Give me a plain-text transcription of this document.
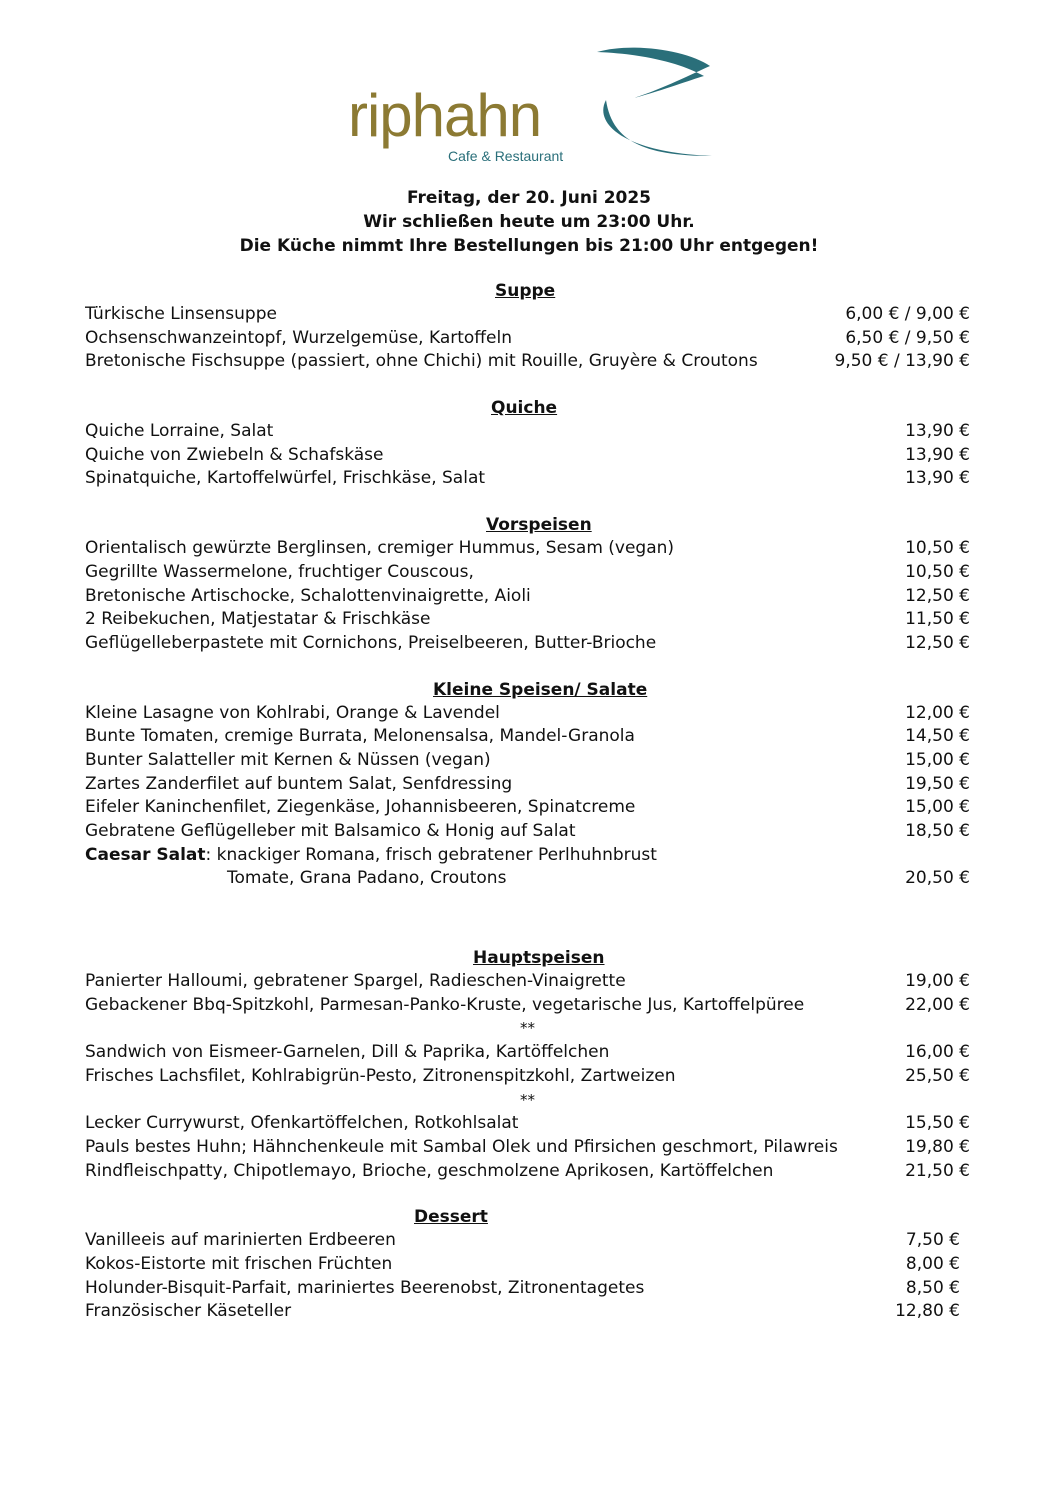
riphahn
Cafe & Restaurant
Freitag, der 20. Juni 2025
Wir schließen heute um 23:00 Uhr.
Die Küche nimmt Ihre Bestellungen bis 21:00 Uhr entgegen!
Suppe
Türkische Linsensuppe	6,00 € / 9,00 €
Ochsenschwanzeintopf, Wurzelgemüse, Kartoffeln	6,50 € / 9,50 €
Bretonische Fischsuppe (passiert, ohne Chichi) mit Rouille, Gruyère & Croutons	9,50 € / 13,90 €
Quiche
Quiche Lorraine, Salat	13,90 €
Quiche von Zwiebeln & Schafskäse	13,90 €
Spinatquiche, Kartoffelwürfel, Frischkäse, Salat	13,90 €
Vorspeisen
Orientalisch gewürzte Berglinsen, cremiger Hummus, Sesam (vegan)	10,50 €
Gegrillte Wassermelone, fruchtiger Couscous,	10,50 €
Bretonische Artischocke, Schalottenvinaigrette, Aioli	12,50 €
2 Reibekuchen, Matjestatar & Frischkäse	11,50 €
Geflügelleberpastete mit Cornichons, Preiselbeeren, Butter-Brioche	12,50 €
Kleine Speisen/ Salate
Kleine Lasagne von Kohlrabi, Orange & Lavendel	12,00 €
Bunte Tomaten, cremige Burrata, Melonensalsa, Mandel-Granola	14,50 €
Bunter Salatteller mit Kernen & Nüssen (vegan)	15,00 €
Zartes Zanderfilet auf buntem Salat, Senfdressing	19,50 €
Eifeler Kaninchenfilet, Ziegenkäse, Johannisbeeren, Spinatcreme	15,00 €
Gebratene Geflügelleber mit Balsamico & Honig auf Salat	18,50 €
Caesar Salat: knackiger Romana, frisch gebratener Perlhuhnbrust
Tomate, Grana Padano, Croutons	20,50 €
Hauptspeisen
Panierter Halloumi, gebratener Spargel, Radieschen-Vinaigrette	19,00 €
Gebackener Bbq-Spitzkohl, Parmesan-Panko-Kruste, vegetarische Jus, Kartoffelpüree	22,00 €
**
Sandwich von Eismeer-Garnelen, Dill & Paprika, Kartöffelchen	16,00 €
Frisches Lachsfilet, Kohlrabigrün-Pesto, Zitronenspitzkohl, Zartweizen	25,50 €
**
Lecker Currywurst, Ofenkartöffelchen, Rotkohlsalat	15,50 €
Pauls bestes Huhn; Hähnchenkeule mit Sambal Olek und Pfirsichen geschmort, Pilawreis	19,80 €
Rindfleischpatty, Chipotlemayo, Brioche, geschmolzene Aprikosen, Kartöffelchen	21,50 €
Dessert
Vanilleeis auf marinierten Erdbeeren	7,50 €
Kokos-Eistorte mit frischen Früchten	8,00 €
Holunder-Bisquit-Parfait, mariniertes Beerenobst, Zitronentagetes	8,50 €
Französischer Käseteller	12,80 €
